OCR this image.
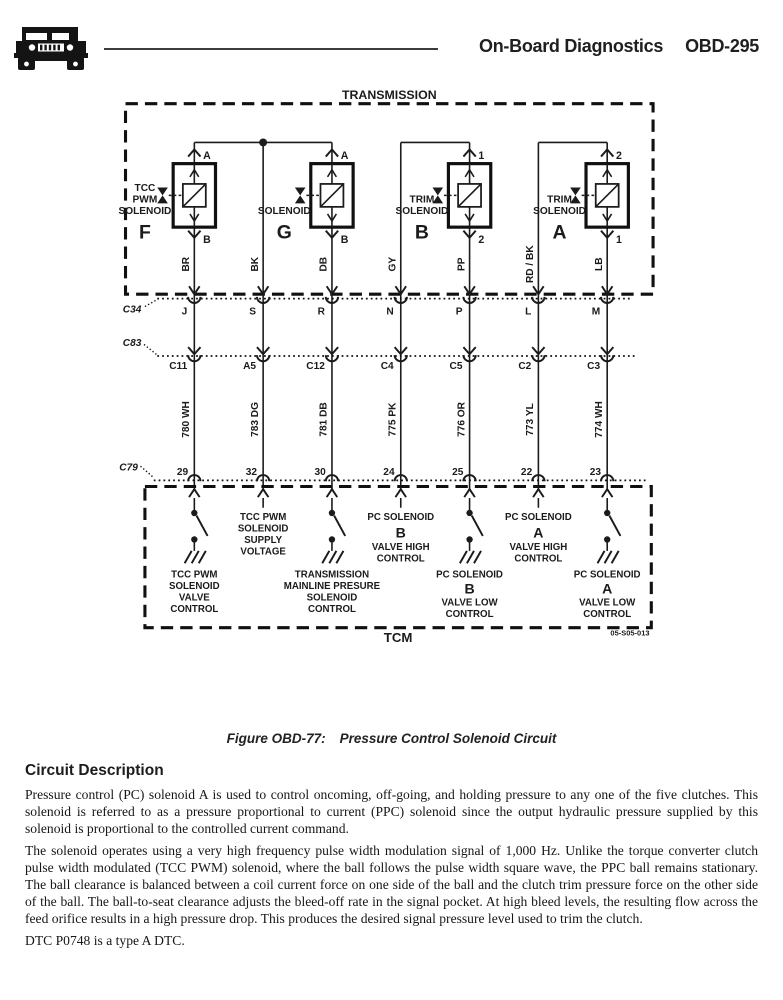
On-Board Diagnostics OBD-295
TRANSMISSION
A
B
A
B
1
2
2
1
TCC
PWM
SOLENOID
F
SOLENOID
G
TRIM
SOLENOID
B
TRIM
SOLENOID
A
BR	BK	DB	GY	PP	RD / BK	LB
C34	J	S	R	N	P	L	M
C83
C11	A5	C12	C4	C5	C2	C3
780 WH	783 DG	781 DB	775 PK	776 OR	773 YL	774 WH
C79	29	32	30	24	25	22	23
TCC PWM
SOLENOID
SUPPLY
VOLTAGE
PC SOLENOID
B
VALVE HIGH
CONTROL
PC SOLENOID
A
VALVE HIGH
CONTROL
TCC PWM
SOLENOID
VALVE
CONTROL
TRANSMISSION
MAINLINE PRESURE
SOLENOID
CONTROL
PC SOLENOID
B
VALVE LOW
CONTROL
PC SOLENOID
A
VALVE LOW
CONTROL
TCM	05-S05-013
Figure OBD-77: Pressure Control Solenoid Circuit
Circuit Description

Pressure control (PC) solenoid A is used to control oncoming, off-going, and holding pressure to any one of the five clutches. This solenoid is referred to as a pressure proportional to current (PPC) solenoid since the output hydraulic pressure supplied by this solenoid is proportional to the controlled current command.

The solenoid operates using a very high frequency pulse width modulation signal of 1,000 Hz. Unlike the torque converter clutch pulse width modulated (TCC PWM) solenoid, where the ball follows the pulse width square wave, the PPC ball remains stationary. The ball clearance is balanced between a coil current force on one side of the ball and the clutch trim pressure force on the other side of the ball. The ball-to-seat clearance adjusts the bleed-off rate in the signal pocket. At high bleed levels, the resulting flow across the feed orifice results in a high pressure drop. This produces the desired signal pressure level used to trim the clutch.

DTC P0748 is a type A DTC.
